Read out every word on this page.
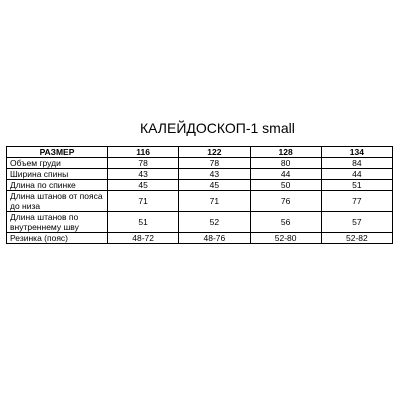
КАЛЕЙДОСКОП-1 small
РАЗМЕР	116	122	128	134
Объем груди	78	78	80	84
Ширина спины	43	43	44	44
Длина по спинке	45	45	50	51
Длина штанов от пояса до низа	71	71	76	77
Длина штанов по внутреннему шву	51	52	56	57
Резинка (пояс)	48-72	48-76	52-80	52-82
